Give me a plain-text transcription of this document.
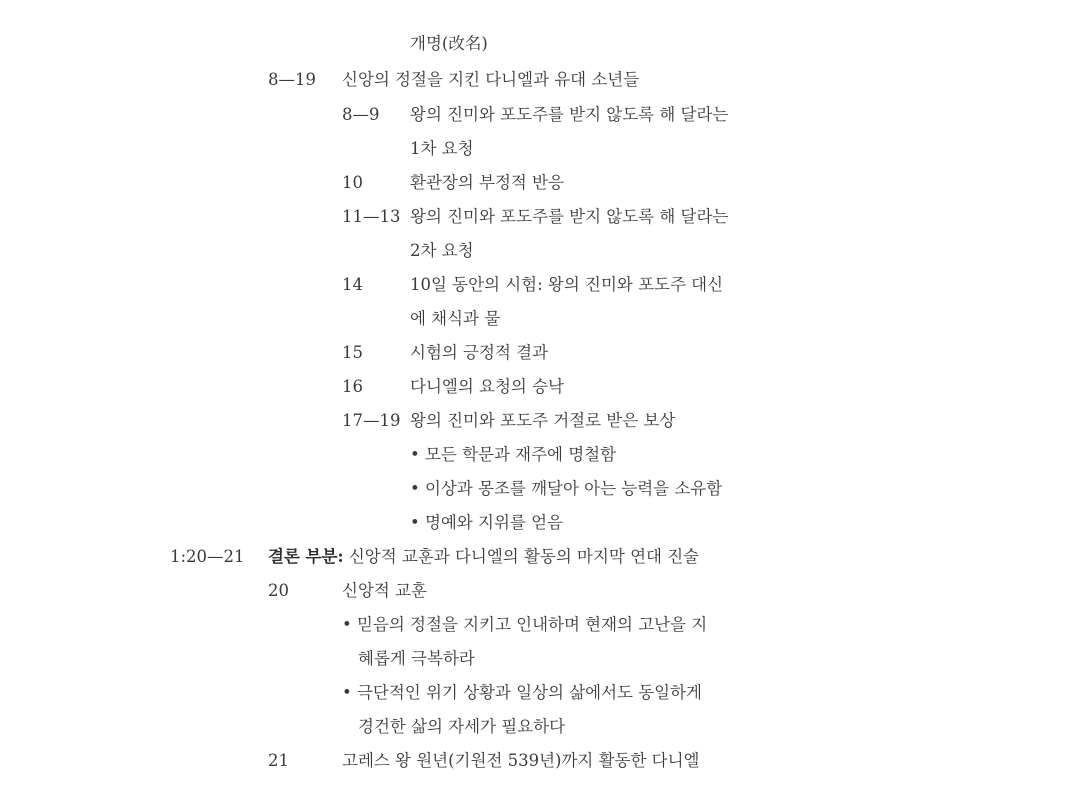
개명(改名)
8—19 신앙의 정절을 지킨 다니엘과 유대 소년들
8—9 왕의 진미와 포도주를 받지 않도록 해 달라는
1차 요청
10	환관장의 부정적 반응
11—13 왕의 진미와 포도주를 받지 않도록 해 달라는
2차 요청
14	10일 동안의 시험: 왕의 진미와 포도주 대신
에 채식과 물
15	시험의 긍정적 결과
16	다니엘의 요청의 승낙
17—19 왕의 진미와 포도주 거절로 받은 보상
• 모든 학문과 재주에 명철함
• 이상과 몽조를 깨달아 아는 능력을 소유함
• 명예와 지위를 얻음
1:20—21 결론 부분: 신앙적 교훈과 다니엘의 활동의 마지막 연대 진술
20	신앙적 교훈
• 믿음의 정절을 지키고 인내하며 현재의 고난을 지
혜롭게 극복하라
• 극단적인 위기 상황과 일상의 삶에서도 동일하게
경건한 삶의 자세가 필요하다
21	고레스 왕 원년(기원전 539년)까지 활동한 다니엘
